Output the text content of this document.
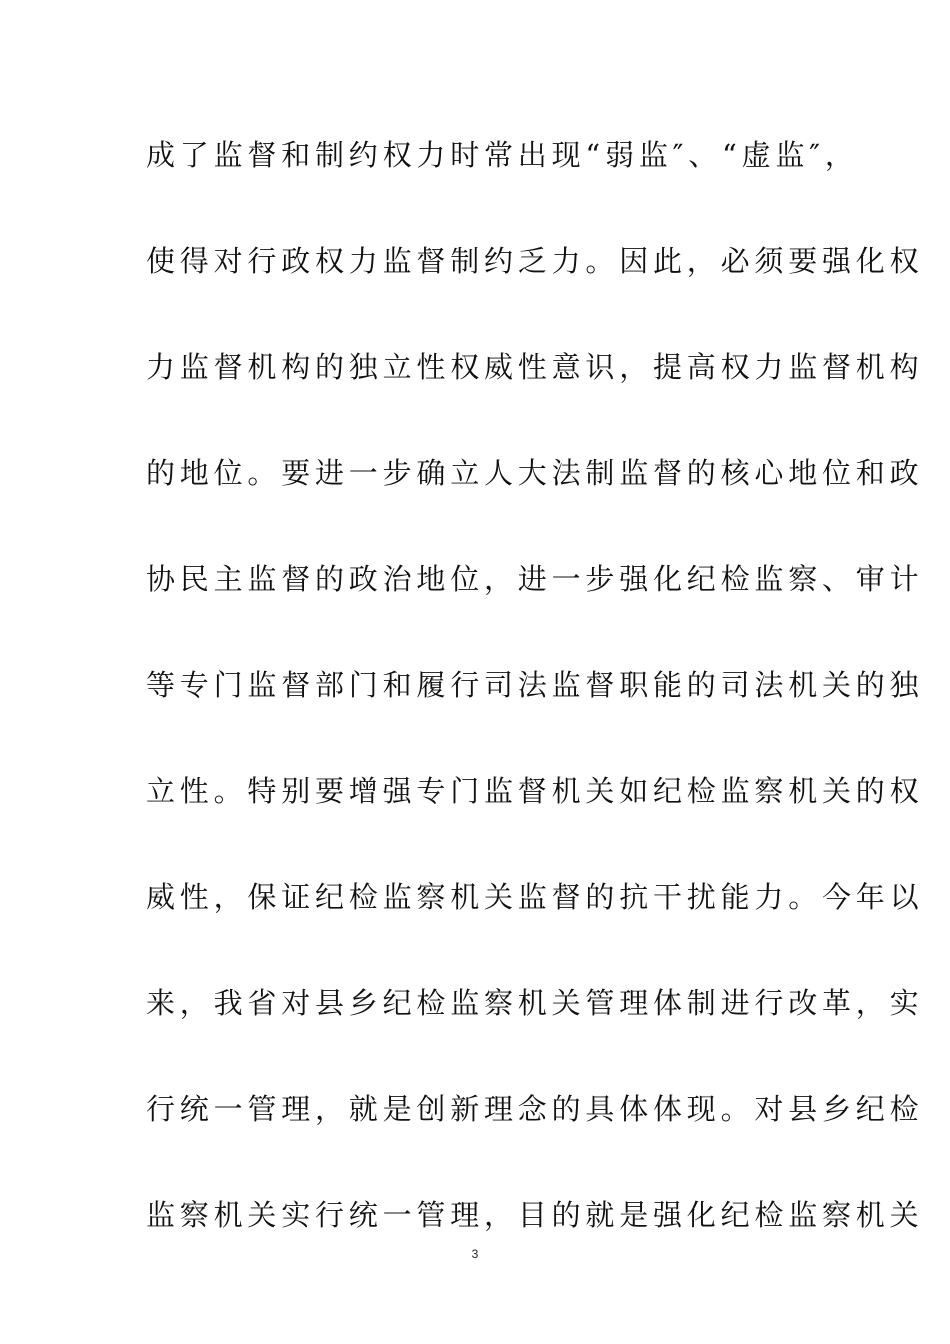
成了监督和制约权力时常出现“弱监″、“虚监″，
使得对行政权力监督制约乏力。因此，必须要强化权
力监督机构的独立性权威性意识，提高权力监督机构
的地位。要进一步确立人大法制监督的核心地位和政
协民主监督的政治地位，进一步强化纪检监察、审计
等专门监督部门和履行司法监督职能的司法机关的独
立性。特别要增强专门监督机关如纪检监察机关的权
威性，保证纪检监察机关监督的抗干扰能力。今年以
来，我省对县乡纪检监察机关管理体制进行改革，实
行统一管理，就是创新理念的具体体现。对县乡纪检
监察机关实行统一管理，目的就是强化纪检监察机关
3
